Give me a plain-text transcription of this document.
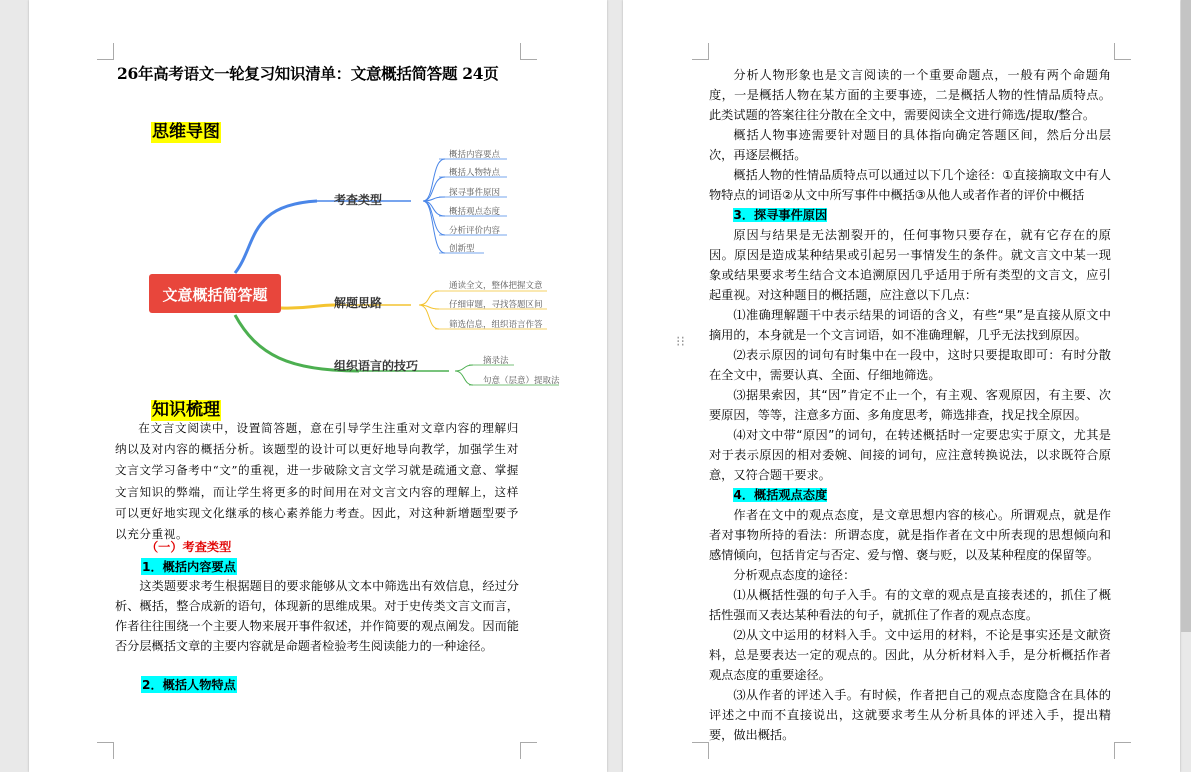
26年高考语文一轮复习知识清单：文意概括简答题 24页
思维导图
文意概括简答题
考查类型
解题思路
组织语言的技巧
概括内容要点
概括人物特点
探寻事件原因
概括观点态度
分析评价内容
创新型
通读全文，整体把握文意
仔细审题，寻找答题区间
筛选信息，组织语言作答
摘录法
句意（层意）提取法
知识梳理
在文言文阅读中，设置简答题，意在引导学生注重对文章内容的理解归纳以及对内容的概括分析。该题型的设计可以更好地导向教学，加强学生对文言文学习备考中“文”的重视，进一步破除文言文学习就是疏通文意、掌握文言知识的弊端，而让学生将更多的时间用在对文言文内容的理解上，这样可以更好地实现文化继承的核心素养能力考查。因此，对这种新增题型要予以充分重视。
（一）考查类型
1．概括内容要点
这类题要求考生根据题目的要求能够从文本中筛选出有效信息，经过分析、概括，整合成新的语句，体现新的思维成果。对于史传类文言文而言，作者往往围绕一个主要人物来展开事件叙述，并作简要的观点阐发。因而能否分层概括文章的主要内容就是命题者检验考生阅读能力的一种途径。
2．概括人物特点

分析人物形象也是文言阅读的一个重要命题点，一般有两个命题角度，一是概括人物在某方面的主要事迹，二是概括人物的性情品质特点。此类试题的答案往往分散在全文中，需要阅读全文进行筛选/提取/整合。

概括人物事迹需要针对题目的具体指向确定答题区间，然后分出层次，再逐层概括。

概括人物的性情品质特点可以通过以下几个途径：①直接摘取文中有人物特点的词语②从文中所写事件中概括③从他人或者作者的评价中概括

3．探寻事件原因

原因与结果是无法割裂开的，任何事物只要存在，就有它存在的原因。原因是造成某种结果或引起另一事情发生的条件。就文言文中某一现象或结果要求考生结合文本追溯原因几乎适用于所有类型的文言文，应引起重视。对这种题目的概括题，应注意以下几点：

⑴准确理解题干中表示结果的词语的含义，有些“果”是直接从原文中摘用的，本身就是一个文言词语，如不准确理解，几乎无法找到原因。

⑵表示原因的词句有时集中在一段中，这时只要提取即可：有时分散在全文中，需要认真、全面、仔细地筛选。

⑶据果索因，其“因”肯定不止一个，有主观、客观原因，有主要、次要原因，等等，注意多方面、多角度思考，筛选排查，找足找全原因。

⑷对文中带“原因”的词句，在转述概括时一定要忠实于原文，尤其是对于表示原因的相对委婉、间接的词句，应注意转换说法，以求既符合原意，又符合题干要求。

4．概括观点态度

作者在文中的观点态度，是文章思想内容的核心。所谓观点，就是作者对事物所持的看法：所谓态度，就是指作者在文中所表现的思想倾向和感情倾向，包括肯定与否定、爱与憎、褒与贬，以及某种程度的保留等。

分析观点态度的途径：

⑴从概括性强的句子入手。有的文章的观点是直接表述的，抓住了概括性强而又表达某种看法的句子，就抓住了作者的观点态度。

⑵从文中运用的材料入手。文中运用的材料，不论是事实还是文献资料，总是要表达一定的观点的。因此，从分析材料入手，是分析概括作者观点态度的重要途径。

⑶从作者的评述入手。有时候，作者把自己的观点态度隐含在具体的评述之中而不直接说出，这就要求考生从分析具体的评述入手，提出精要，做出概括。

⁝⁝
